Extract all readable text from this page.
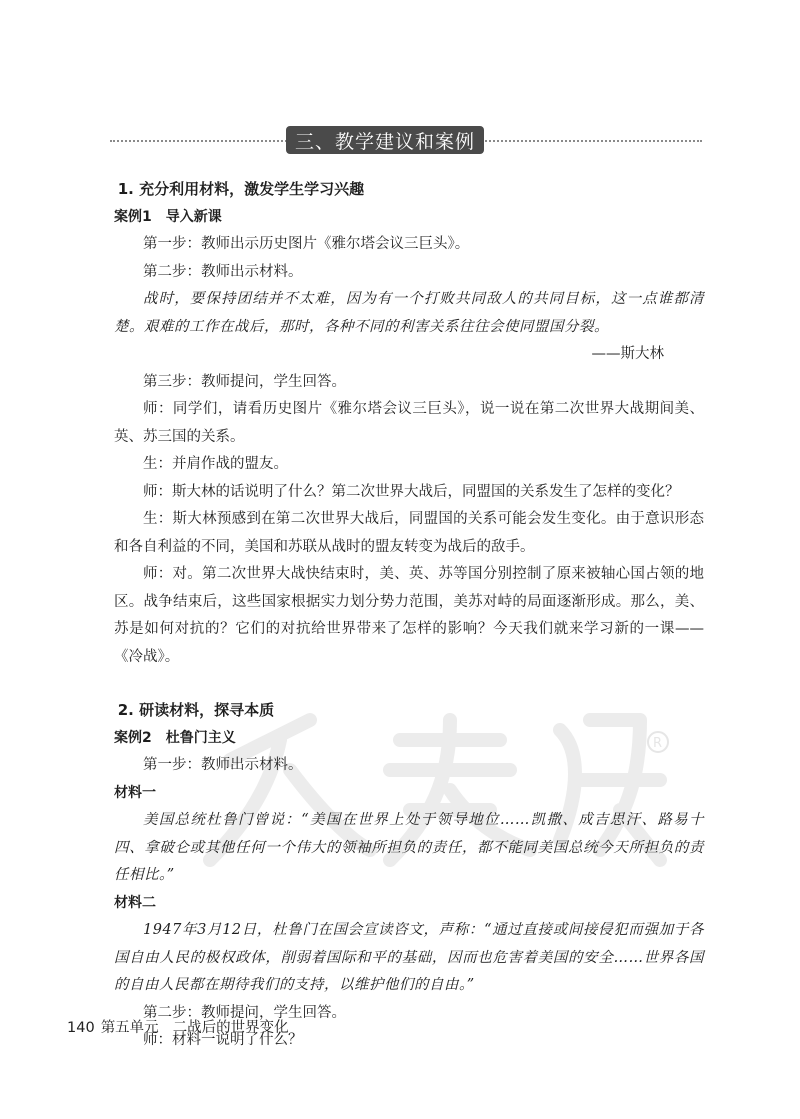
三、教学建议和案例
R

1. 充分利用材料，激发学生学习兴趣

案例1 导入新课

第一步：教师出示历史图片《雅尔塔会议三巨头》。

第二步：教师出示材料。

战时，要保持团结并不太难，因为有一个打败共同敌人的共同目标，这一点谁都清楚。艰难的工作在战后，那时，各种不同的利害关系往往会使同盟国分裂。

——斯大林

第三步：教师提问，学生回答。

师：同学们，请看历史图片《雅尔塔会议三巨头》，说一说在第二次世界大战期间美、英、苏三国的关系。

生：并肩作战的盟友。

师：斯大林的话说明了什么？第二次世界大战后，同盟国的关系发生了怎样的变化？

生：斯大林预感到在第二次世界大战后，同盟国的关系可能会发生变化。由于意识形态和各自利益的不同，美国和苏联从战时的盟友转变为战后的敌手。

师：对。第二次世界大战快结束时，美、英、苏等国分别控制了原来被轴心国占领的地区。战争结束后，这些国家根据实力划分势力范围，美苏对峙的局面逐渐形成。那么，美、苏是如何对抗的？它们的对抗给世界带来了怎样的影响？今天我们就来学习新的一课——《冷战》。

2. 研读材料，探寻本质

案例2 杜鲁门主义

第一步：教师出示材料。

材料一

美国总统杜鲁门曾说：“美国在世界上处于领导地位……凯撒、成吉思汗、路易十四、拿破仑或其他任何一个伟大的领袖所担负的责任，都不能同美国总统今天所担负的责任相比。”

材料二

1947年3月12日，杜鲁门在国会宣读咨文，声称：“通过直接或间接侵犯而强加于各国自由人民的极权政体，削弱着国际和平的基础，因而也危害着美国的安全……世界各国的自由人民都在期待我们的支持，以维护他们的自由。”

第二步：教师提问，学生回答。

师：材料一说明了什么？

140 第五单元 二战后的世界变化
